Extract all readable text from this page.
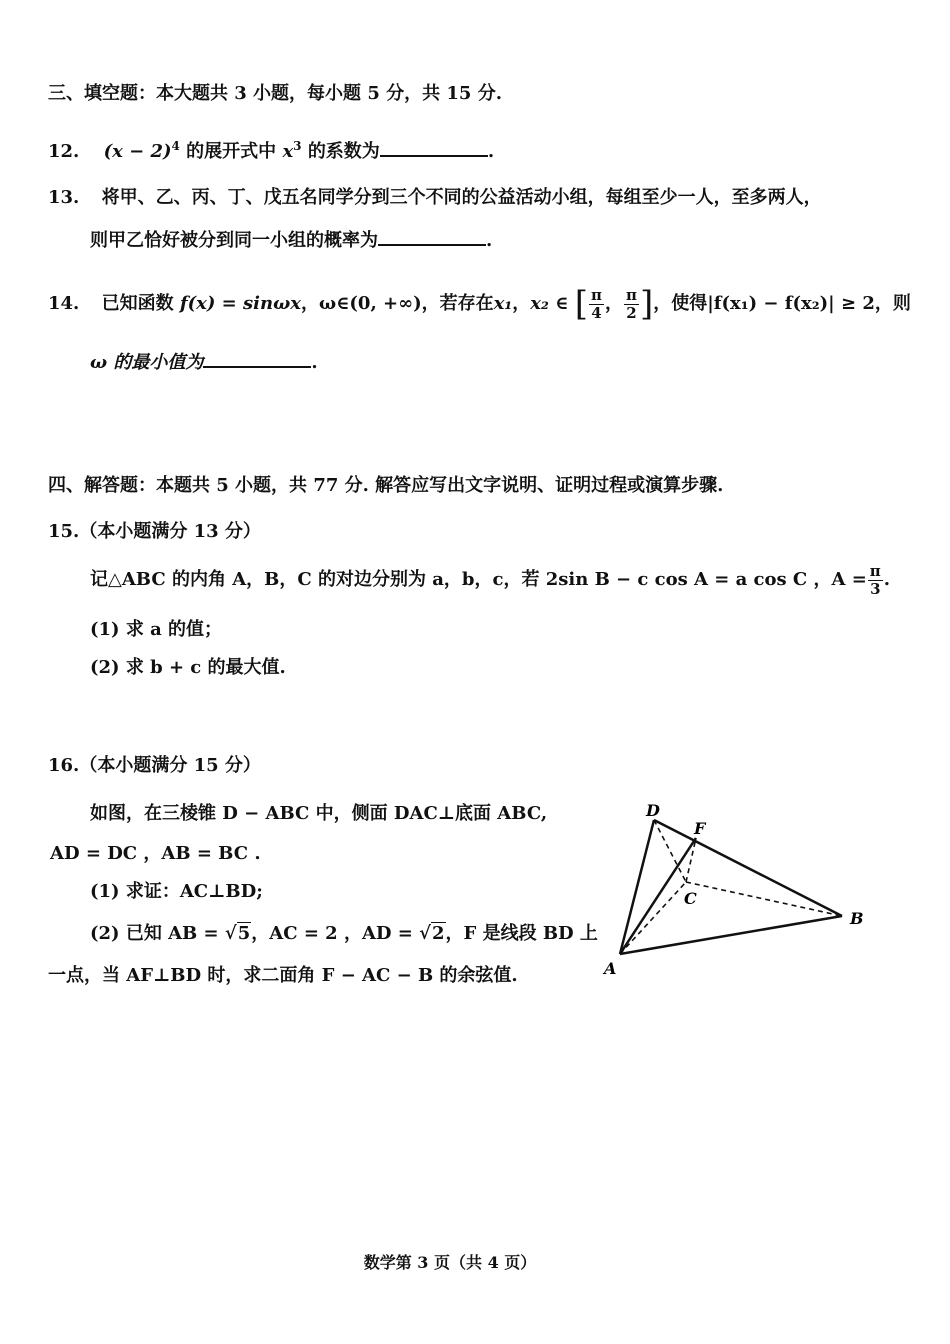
三、填空题：本大题共 3 小题，每小题 5 分，共 15 分.
12. $(x - 2)^4$ 的展开式中 $x^3$ 的系数为	.
13. 将甲、乙、丙、丁、戊五名同学分到三个不同的公益活动小组，每组至少一人，至多两人，
则甲乙恰好被分到同一小组的概率为	.
14. 已知函数 f(x) = sinωx，ω∈(0, +∞)，若存在x₁，x₂ ∈ [ $\frac{\pi}{4}$ ， $\frac{\pi}{2}$ ]，使得|f(x₁) − f(x₂)| ≥ 2，则
ω 的最小值为	.
四、解答题：本题共 5 小题，共 77 分. 解答应写出文字说明、证明过程或演算步骤.
15.（本小题满分 13 分）
记△ABC 的内角 A，B，C 的对边分别为 a，b，c，若 2sin B − c cos A = a cos C ，$A = \frac{\pi}{3}$ .
(1) 求 a 的值；
(2) 求 b + c 的最大值.
16.（本小题满分 15 分）
如图，在三棱锥 D − ABC 中，侧面 DAC⊥底面 ABC,
AD = DC ，AB = BC .
(1) 求证：AC⊥BD;
(2) 已知 AB = √5，AC = 2 ，AD = √2，F 是线段 BD 上
一点，当 AF⊥BD 时，求二面角 F − AC − B 的余弦值.
D
F
C
B
A
数学第 3 页（共 4 页）
